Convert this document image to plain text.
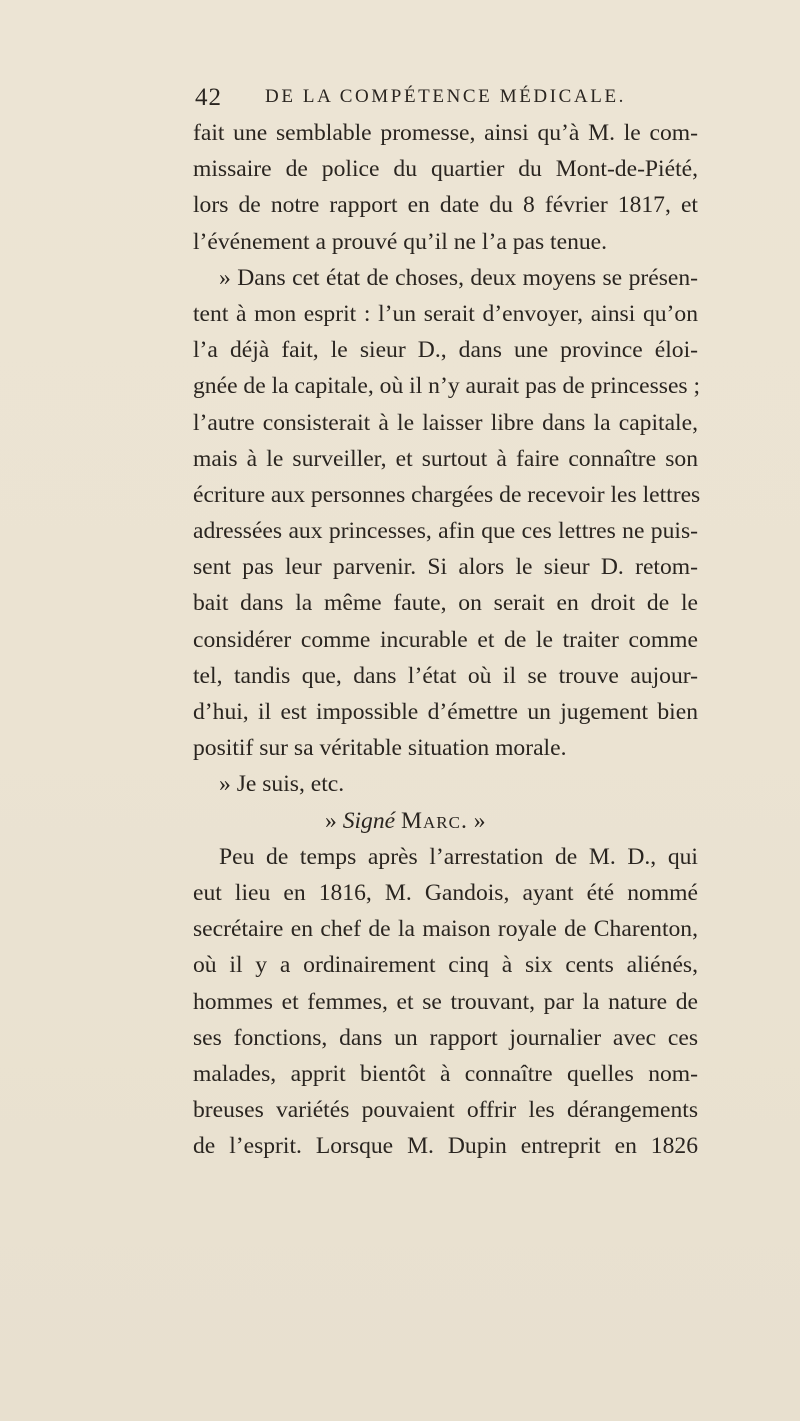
42 DE LA COMPÉTENCE MÉDICALE.
fait une semblable promesse, ainsi qu’à M. le com-
missaire de police du quartier du Mont-de-Piété,
lors de notre rapport en date du 8 février 1817, et
l’événement a prouvé qu’il ne l’a pas tenue.
» Dans cet état de choses, deux moyens se présen-
tent à mon esprit : l’un serait d’envoyer, ainsi qu’on
l’a déjà fait, le sieur D., dans une province éloi-
gnée de la capitale, où il n’y aurait pas de princesses ;
l’autre consisterait à le laisser libre dans la capitale,
mais à le surveiller, et surtout à faire connaître son
écriture aux personnes chargées de recevoir les lettres
adressées aux princesses, afin que ces lettres ne puis-
sent pas leur parvenir. Si alors le sieur D. retom-
bait dans la même faute, on serait en droit de le
considérer comme incurable et de le traiter comme
tel, tandis que, dans l’état où il se trouve aujour-
d’hui, il est impossible d’émettre un jugement bien
positif sur sa véritable situation morale.
» Je suis, etc.
» Signé Marc. »
Peu de temps après l’arrestation de M. D., qui
eut lieu en 1816, M. Gandois, ayant été nommé
secrétaire en chef de la maison royale de Charenton,
où il y a ordinairement cinq à six cents aliénés,
hommes et femmes, et se trouvant, par la nature de
ses fonctions, dans un rapport journalier avec ces
malades, apprit bientôt à connaître quelles nom-
breuses variétés pouvaient offrir les dérangements
de l’esprit. Lorsque M. Dupin entreprit en 1826
